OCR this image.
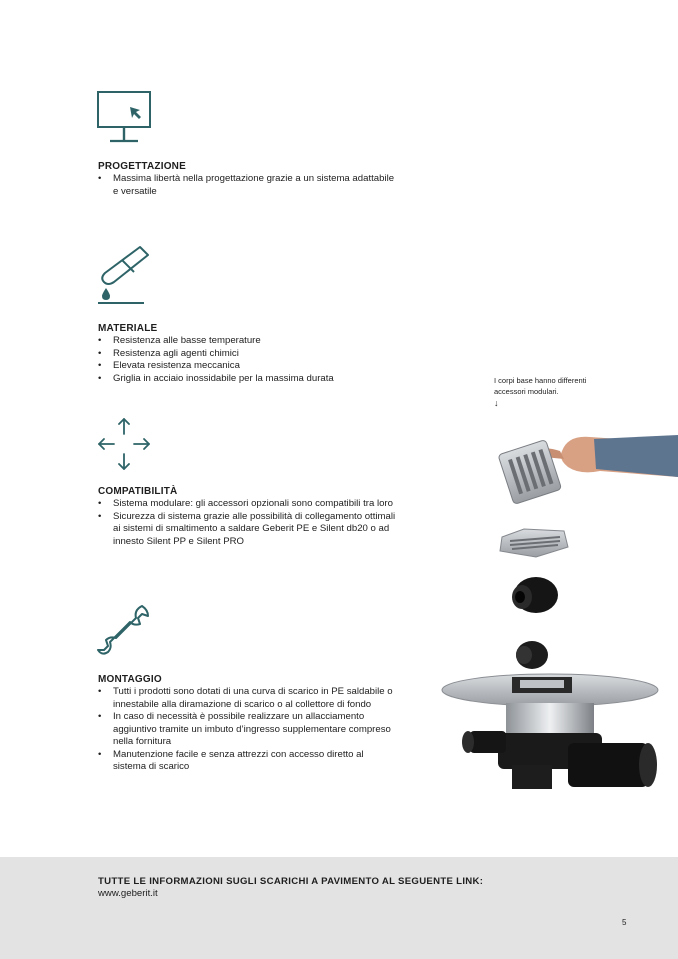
PROGETTAZIONE

• Massima libertà nella progettazione grazie a un sistema adattabile e versatile

MATERIALE

• Resistenza alle basse temperature
• Resistenza agli agenti chimici
• Elevata resistenza meccanica
• Griglia in acciaio inossidabile per la massima durata

COMPATIBILITÀ

• Sistema modulare: gli accessori opzionali sono compatibili tra loro
• Sicurezza di sistema grazie alle possibilità di collegamento ottimali ai sistemi di smaltimento a saldare Geberit PE e Silent db20 o ad innesto Silent PP e Silent PRO

MONTAGGIO

• Tutti i prodotti sono dotati di una curva di scarico in PE saldabile o innestabile alla diramazione di scarico o al collettore di fondo
• In caso di necessità è possibile realizzare un allacciamento aggiuntivo tramite un imbuto d’ingresso supplementare compreso nella fornitura
• Manutenzione facile e senza attrezzi con accesso diretto al sistema di scarico
I corpi base hanno differenti accessori modulari.
↓
TUTTE LE INFORMAZIONI SUGLI SCARICHI A PAVIMENTO AL SEGUENTE LINK:
www.geberit.it
5
